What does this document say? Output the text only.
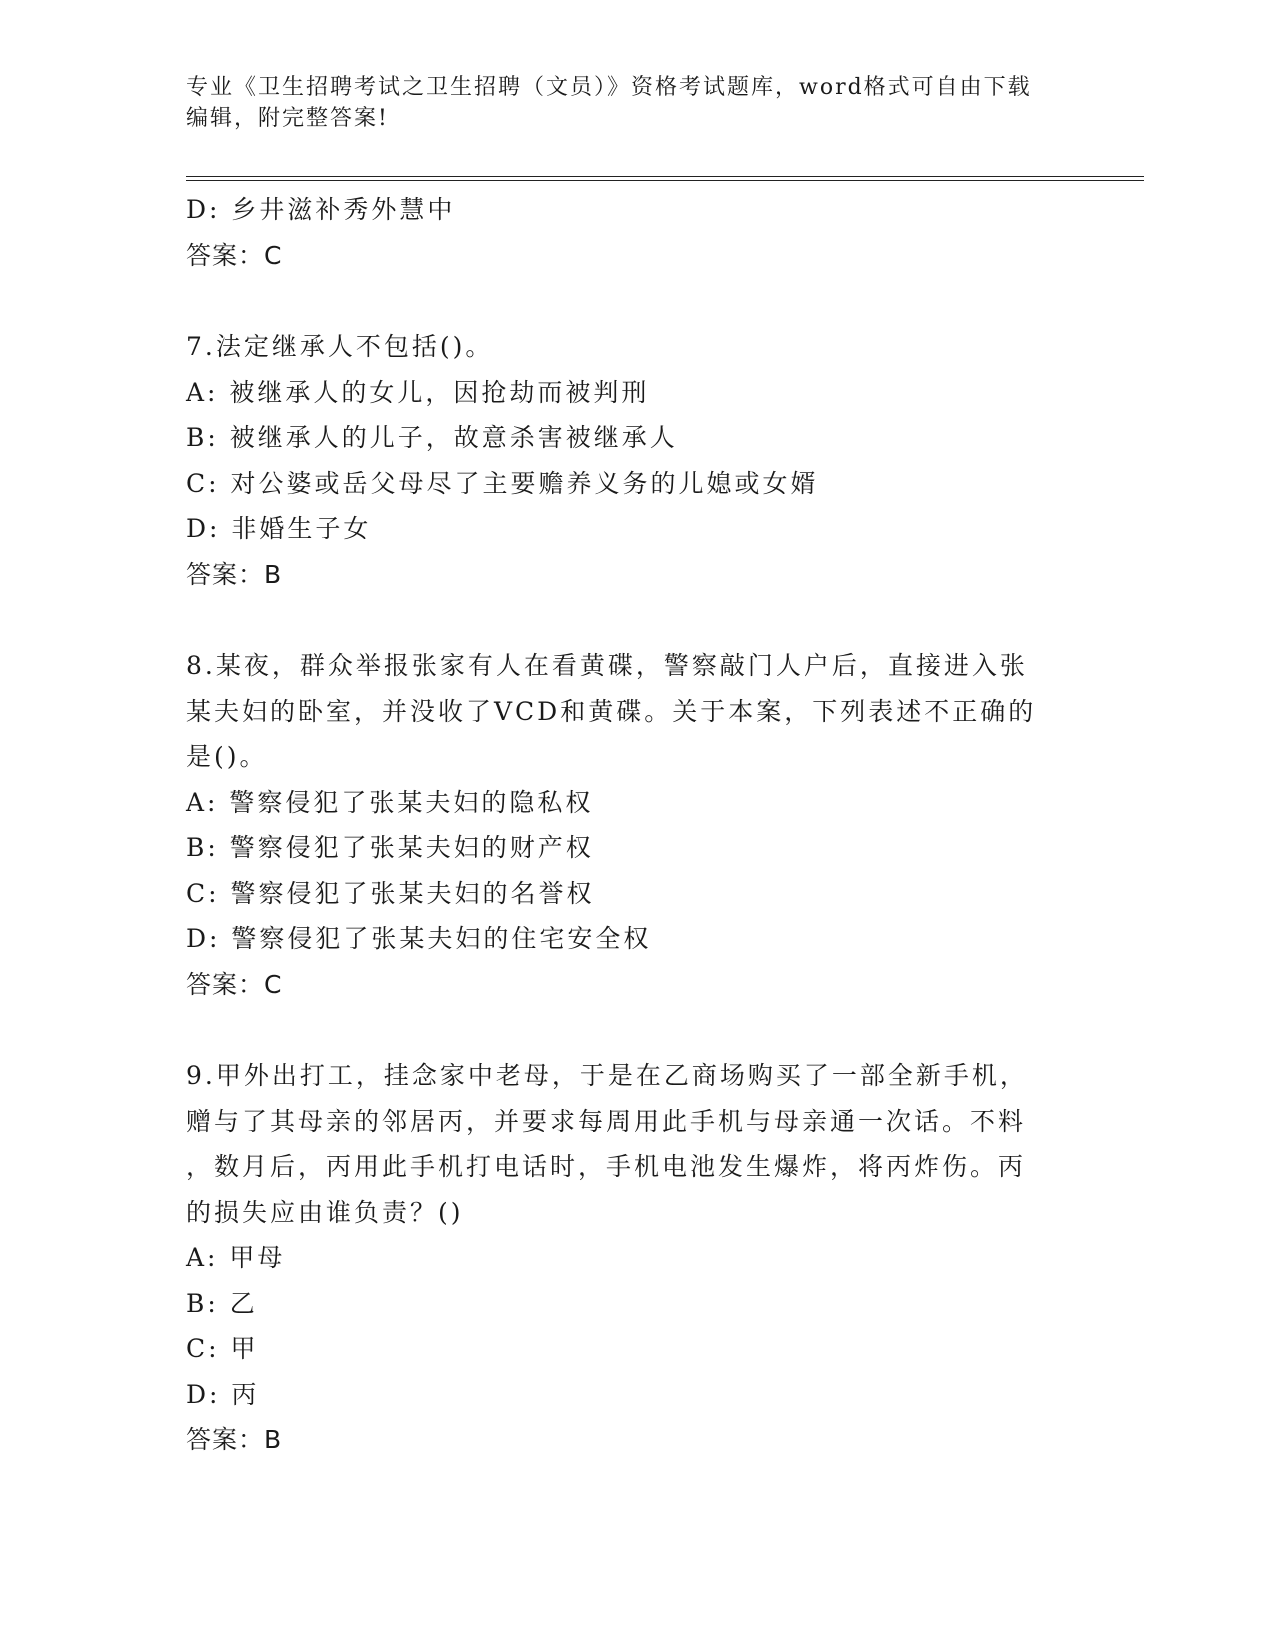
专业《卫生招聘考试之卫生招聘（文员）》资格考试题库，word格式可自由下载
编辑，附完整答案!
D: 乡井滋补秀外慧中
答案：C
7.法定继承人不包括()。
A: 被继承人的女儿，因抢劫而被判刑
B: 被继承人的儿子，故意杀害被继承人
C: 对公婆或岳父母尽了主要赡养义务的儿媳或女婿
D: 非婚生子女
答案：B
8.某夜，群众举报张家有人在看黄碟，警察敲门人户后，直接进入张
某夫妇的卧室，并没收了VCD和黄碟。关于本案，下列表述不正确的
是()。
A: 警察侵犯了张某夫妇的隐私权
B: 警察侵犯了张某夫妇的财产权
C: 警察侵犯了张某夫妇的名誉权
D: 警察侵犯了张某夫妇的住宅安全权
答案：C
9.甲外出打工，挂念家中老母，于是在乙商场购买了一部全新手机，
赠与了其母亲的邻居丙，并要求每周用此手机与母亲通一次话。不料
，数月后，丙用此手机打电话时，手机电池发生爆炸，将丙炸伤。丙
的损失应由谁负责？()
A: 甲母
B: 乙
C: 甲
D: 丙
答案：B
